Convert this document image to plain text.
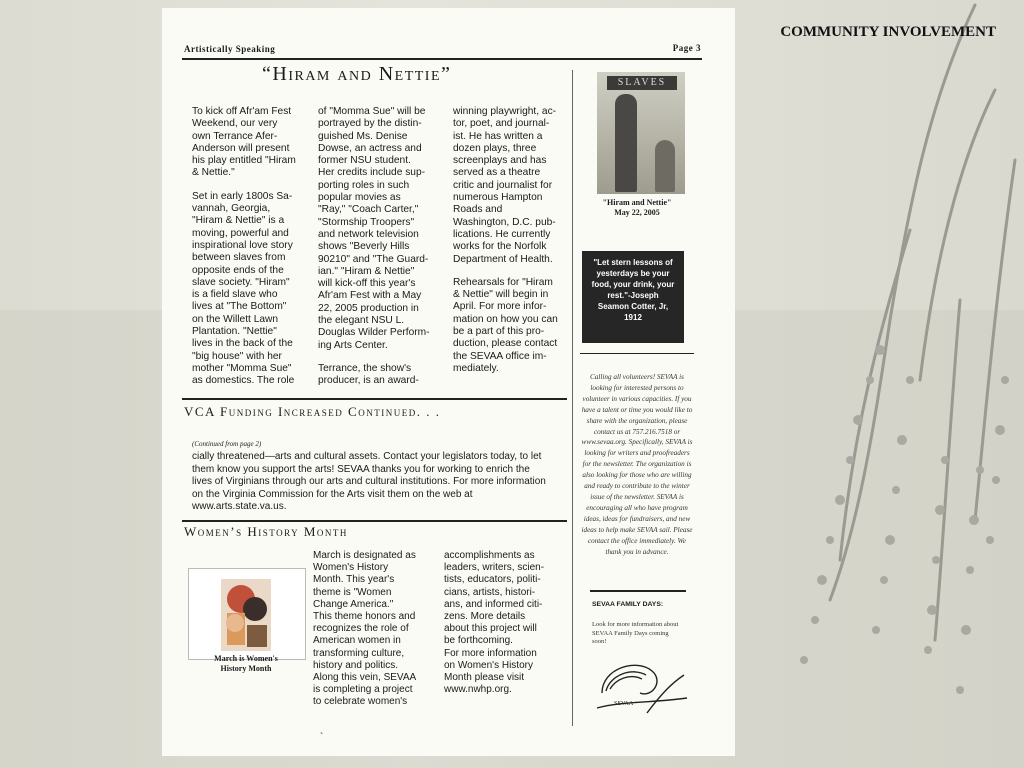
COMMUNITY INVOLVEMENT
Artistically Speaking	Page 3
“Hiram and Nettie”

To kick off Afr'am Fest
Weekend, our very
own Terrance Afer-
Anderson will present
his play entitled "Hiram
& Nettie."

Set in early 1800s Sa-
vannah, Georgia,
"Hiram & Nettie" is a
moving, powerful and
inspirational love story
between slaves from
opposite ends of the
slave society. "Hiram"
is a field slave who
lives at "The Bottom"
on the Willett Lawn
Plantation. "Nettie"
lives in the back of the
"big house" with her
mother "Momma Sue"
as domestics. The role

of "Momma Sue" will be
portrayed by the distin-
guished Ms. Denise
Dowse, an actress and
former NSU student.
Her credits include sup-
porting roles in such
popular movies as
"Ray," "Coach Carter,"
"Stormship Troopers"
and network television
shows "Beverly Hills
90210" and "The Guard-
ian." "Hiram & Nettie"
will kick-off this year's
Afr'am Fest with a May
22, 2005 production in
the elegant NSU L.
Douglas Wilder Perform-
ing Arts Center.

Terrance, the show's
producer, is an award-

winning playwright, ac-
tor, poet, and journal-
ist. He has written a
dozen plays, three
screenplays and has
served as a theatre
critic and journalist for
numerous Hampton
Roads and
Washington, D.C. pub-
lications. He currently
works for the Norfolk
Department of Health.

Rehearsals for "Hiram
& Nettie" will begin in
April. For more infor-
mation on how you can
be a part of this pro-
duction, please contact
the SEVAA office im-
mediately.

VCA Funding Increased Continued. . .
(Continued from page 2)
cially threatened—arts and cultural assets. Contact your legislators today, to let them know you support the arts! SEVAA thanks you for working to enrich the lives of Virginians through our arts and cultural institutions. For more information on the Virginia Commission for the Arts visit them on the web at www.arts.state.va.us.
Women’s History Month
March is Women's
History Month
March is designated as
Women's History
Month. This year's
theme is "Women
Change America."
This theme honors and
recognizes the role of
American women in
transforming culture,
history and politics.
Along this vein, SEVAA
is completing a project
to celebrate women's
accomplishments as
leaders, writers, scien-
tists, educators, politi-
cians, artists, histori-
ans, and informed citi-
zens. More details
about this project will
be forthcoming.
For more information
on Women's History
Month please visit
www.nwhp.org.
SLAVES
"Hiram and Nettie"
May 22, 2005
"Let stern lessons of
yesterdays be your
food, your drink, your
rest."-Joseph
Seamon Cotter, Jr,
1912
Calling all volunteers! SEVAA is looking for interested persons to volunteer in various capacities. If you have a talent or time you would like to share with the organization, please contact us at 757.216.7518 or www.sevaa.org. Specifically, SEVAA is looking for writers and proofreaders for the newsletter. The organization is also looking for those who are willing and ready to contribute to the winter issue of the newsletter. SEVAA is encouraging all who have program ideas, ideas for fundraisers, and new ideas to help make SEVAA sail. Please contact the office immediately. We thank you in advance.
SEVAA FAMILY DAYS:
Look for more information about SEVAA Family Days coming soon!
SEVAA
`
